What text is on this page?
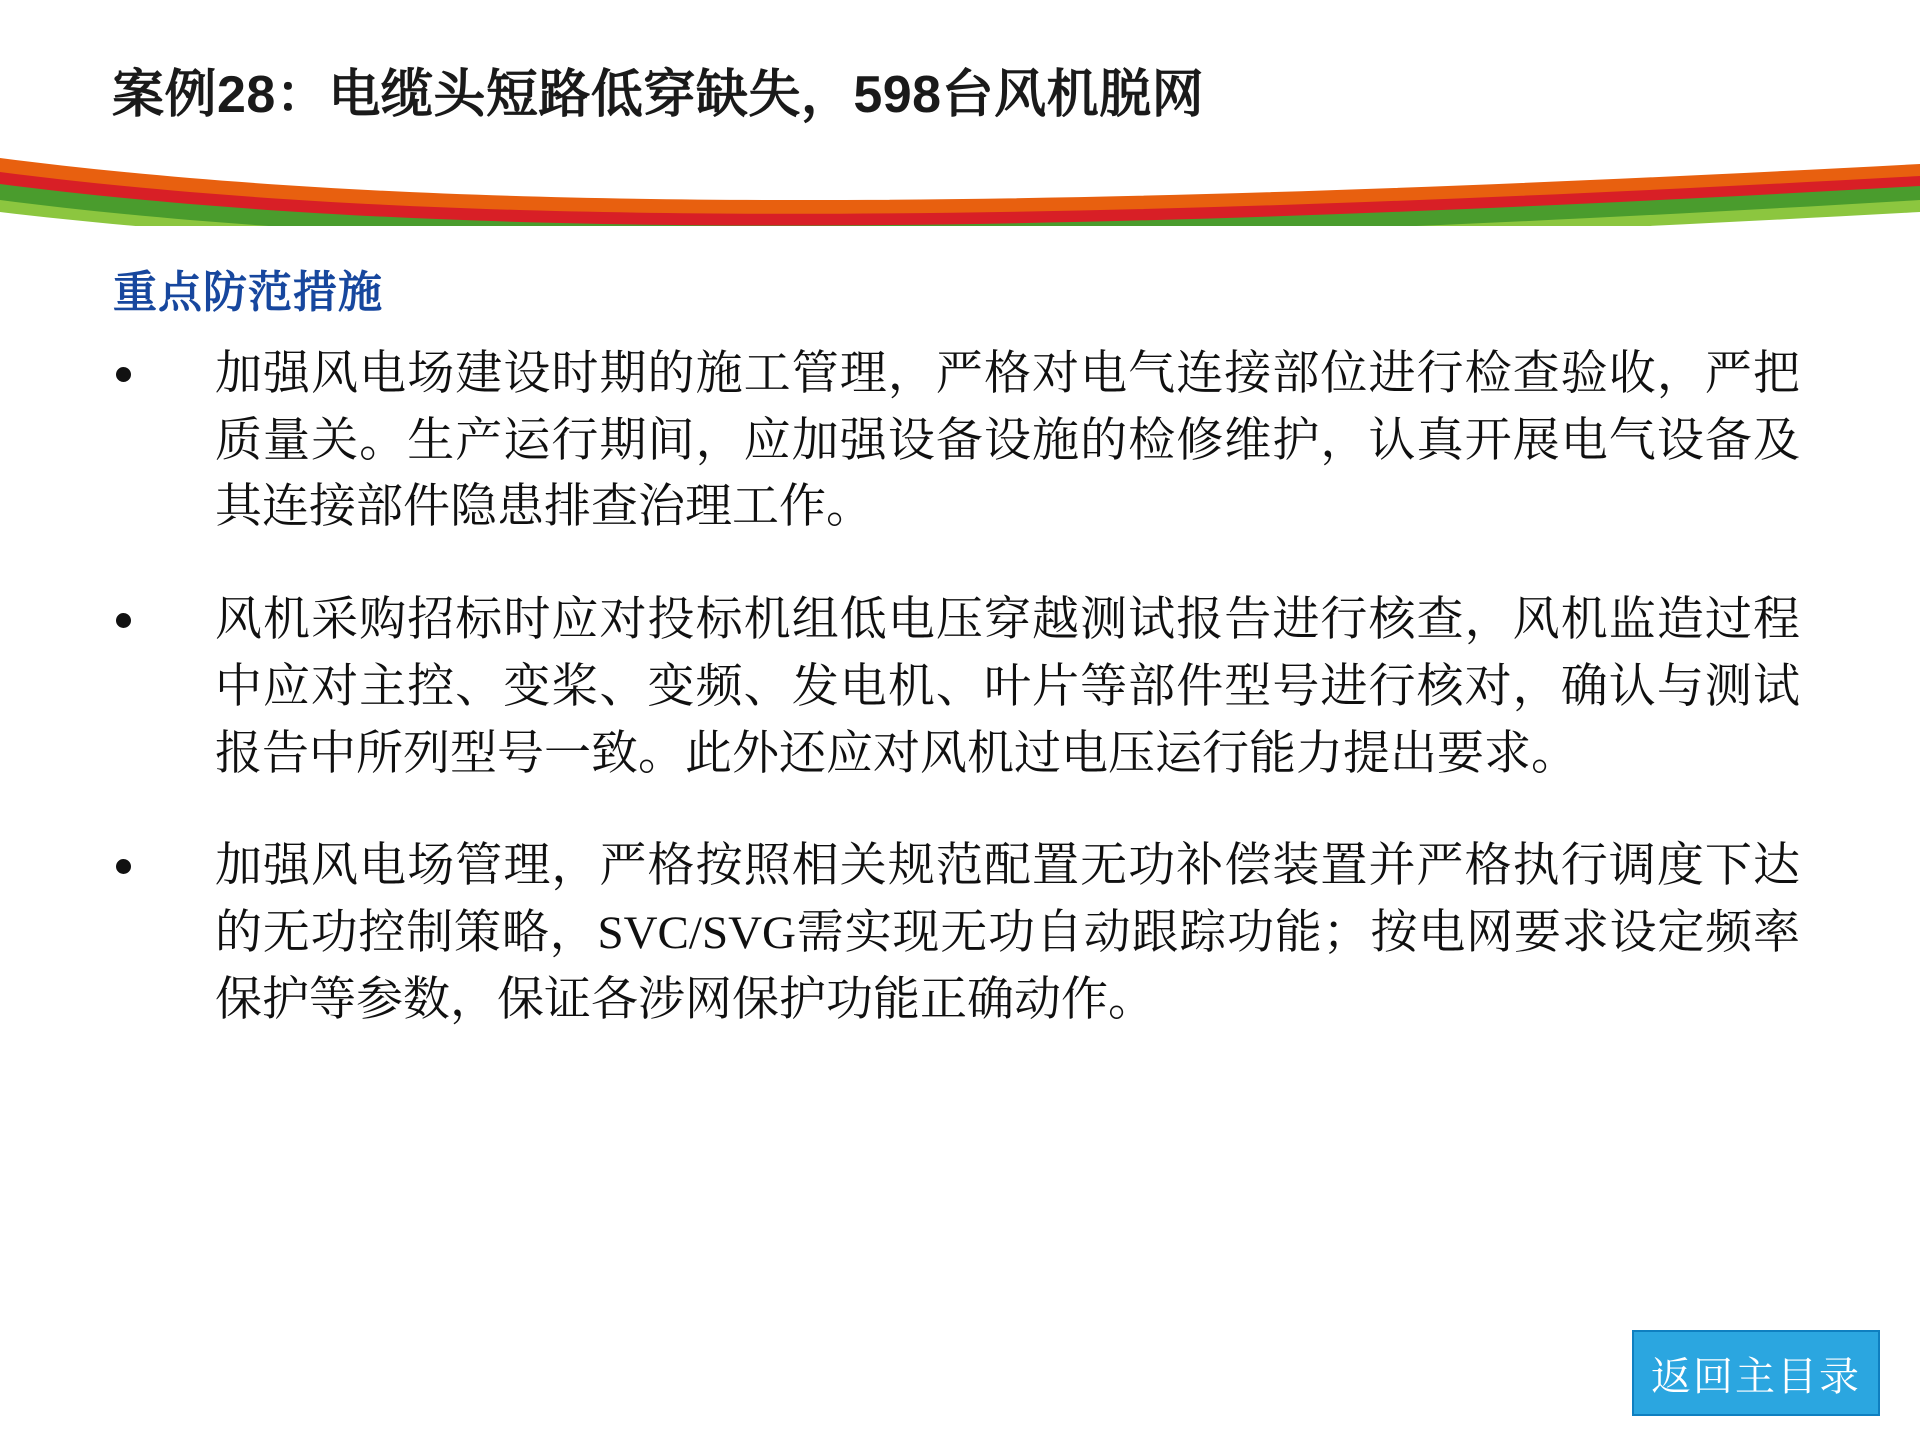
案例28：电缆头短路低穿缺失，598台风机脱网
重点防范措施
加强风电场建设时期的施工管理，严格对电气连接部位进行检查验收，严把质量关。生产运行期间，应加强设备设施的检修维护，认真开展电气设备及其连接部件隐患排查治理工作。
风机采购招标时应对投标机组低电压穿越测试报告进行核查，风机监造过程中应对主控、变桨、变频、发电机、叶片等部件型号进行核对，确认与测试报告中所列型号一致。此外还应对风机过电压运行能力提出要求。
加强风电场管理，严格按照相关规范配置无功补偿装置并严格执行调度下达的无功控制策略，SVC/SVG需实现无功自动跟踪功能；按电网要求设定频率保护等参数，保证各涉网保护功能正确动作。
返回主目录
